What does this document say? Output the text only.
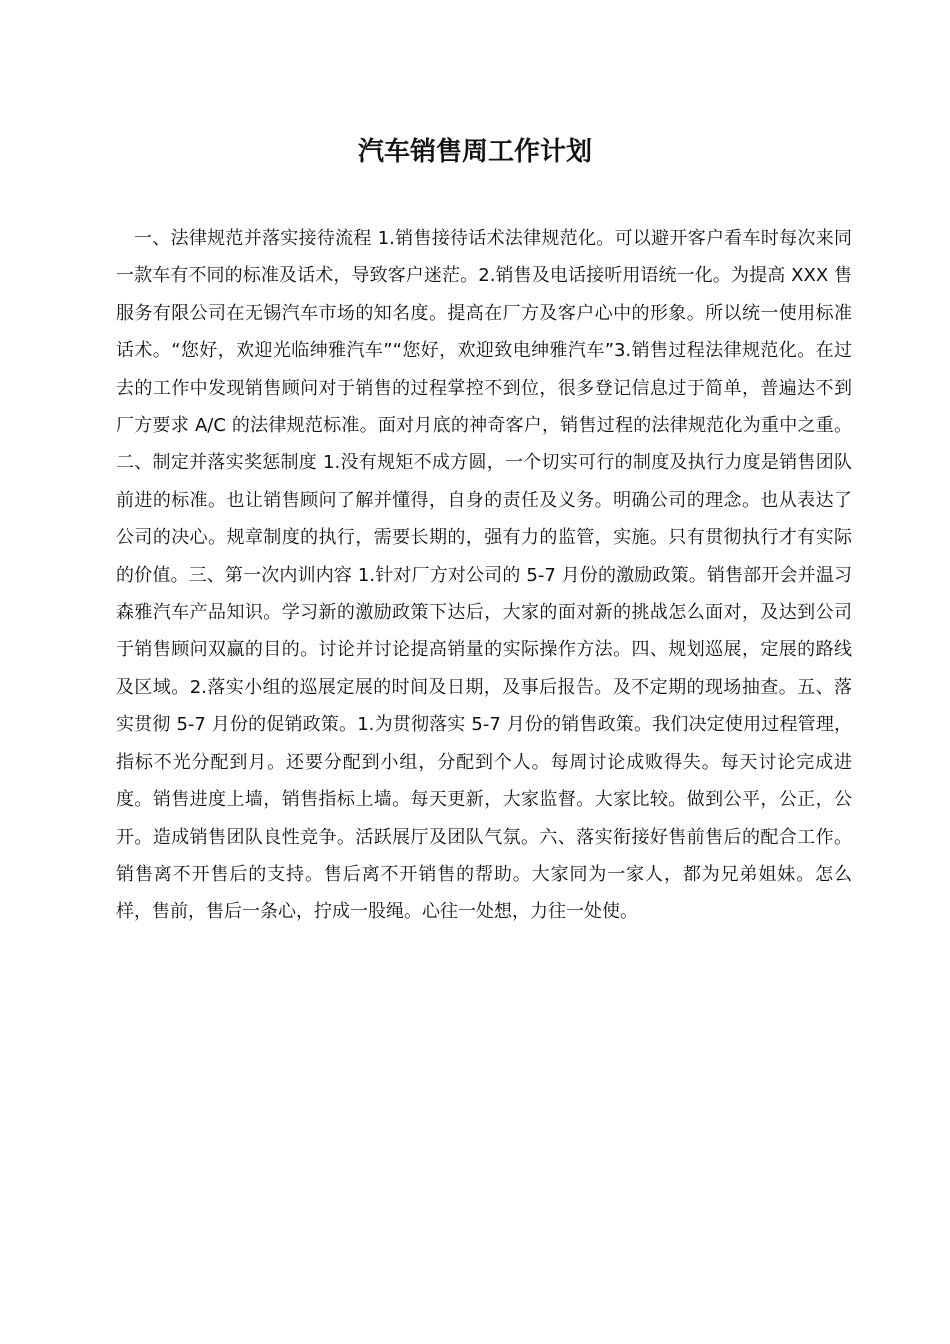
汽车销售周工作计划

一、法律规范并落实接待流程 1.销售接待话术法律规范化。可以避开客户看车时每次来同一款车有不同的标准及话术，导致客户迷茫。2.销售及电话接听用语统一化。为提高 XXX 售服务有限公司在无锡汽车市场的知名度。提高在厂方及客户心中的形象。所以统一使用标准话术。“您好，欢迎光临绅雅汽车”“您好，欢迎致电绅雅汽车”3.销售过程法律规范化。在过去的工作中发现销售顾问对于销售的过程掌控不到位，很多登记信息过于简单，普遍达不到厂方要求 A/C 的法律规范标准。面对月底的神奇客户，销售过程的法律规范化为重中之重。二、制定并落实奖惩制度 1.没有规矩不成方圆，一个切实可行的制度及执行力度是销售团队前进的标准。也让销售顾问了解并懂得，自身的责任及义务。明确公司的理念。也从表达了公司的决心。规章制度的执行，需要长期的，强有力的监管，实施。只有贯彻执行才有实际的价值。三、第一次内训内容 1.针对厂方对公司的 5-7 月份的激励政策。销售部开会并温习森雅汽车产品知识。学习新的激励政策下达后，大家的面对新的挑战怎么面对，及达到公司于销售顾问双赢的目的。讨论并讨论提高销量的实际操作方法。四、规划巡展，定展的路线及区域。2.落实小组的巡展定展的时间及日期，及事后报告。及不定期的现场抽查。五、落实贯彻 5-7 月份的促销政策。1.为贯彻落实 5-7 月份的销售政策。我们决定使用过程管理，指标不光分配到月。还要分配到小组，分配到个人。每周讨论成败得失。每天讨论完成进度。销售进度上墙，销售指标上墙。每天更新，大家监督。大家比较。做到公平，公正，公开。造成销售团队良性竞争。活跃展厅及团队气氛。六、落实衔接好售前售后的配合工作。销售离不开售后的支持。售后离不开销售的帮助。大家同为一家人，都为兄弟姐妹。怎么样，售前，售后一条心，拧成一股绳。心往一处想，力往一处使。
